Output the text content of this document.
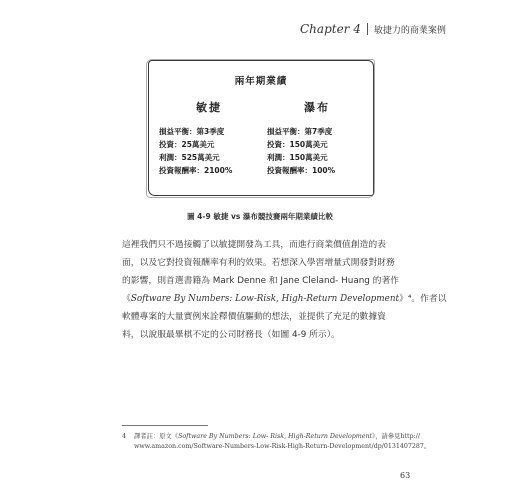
Chapter 4 敏捷力的商業案例
兩年期業績
敏捷
損益平衡：第3季度
投資：25萬美元
利潤：525萬美元
投資報酬率：2100%
瀑布
損益平衡：第7季度
投資：150萬美元
利潤：150萬美元
投資報酬率：100%
圖 4-9 敏捷 vs 瀑布競技賽兩年期業績比較
這裡我們只不過接觸了以敏捷開發為工具，而進行商業價值創造的表
面，以及它對投資報酬率有利的效果。若想深入學習增量式開發對財務
的影響，則首選書籍為 Mark Denne 和 Jane Cleland- Huang 的著作
《Software By Numbers: Low-Risk, High-Return Development》⁴。作者以
軟體專案的大量實例來詮釋價值驅動的想法，並提供了充足的數據資
料，以說服最畢棋不定的公司財務長（如圖 4-9 所示）。
4	譯者註：原文《Software By Numbers: Low- Risk, High-Return Development》，請參見http://
www.amazon.com/Software-Numbers-Low-Risk-High-Return-Development/dp/0131407287。
63
